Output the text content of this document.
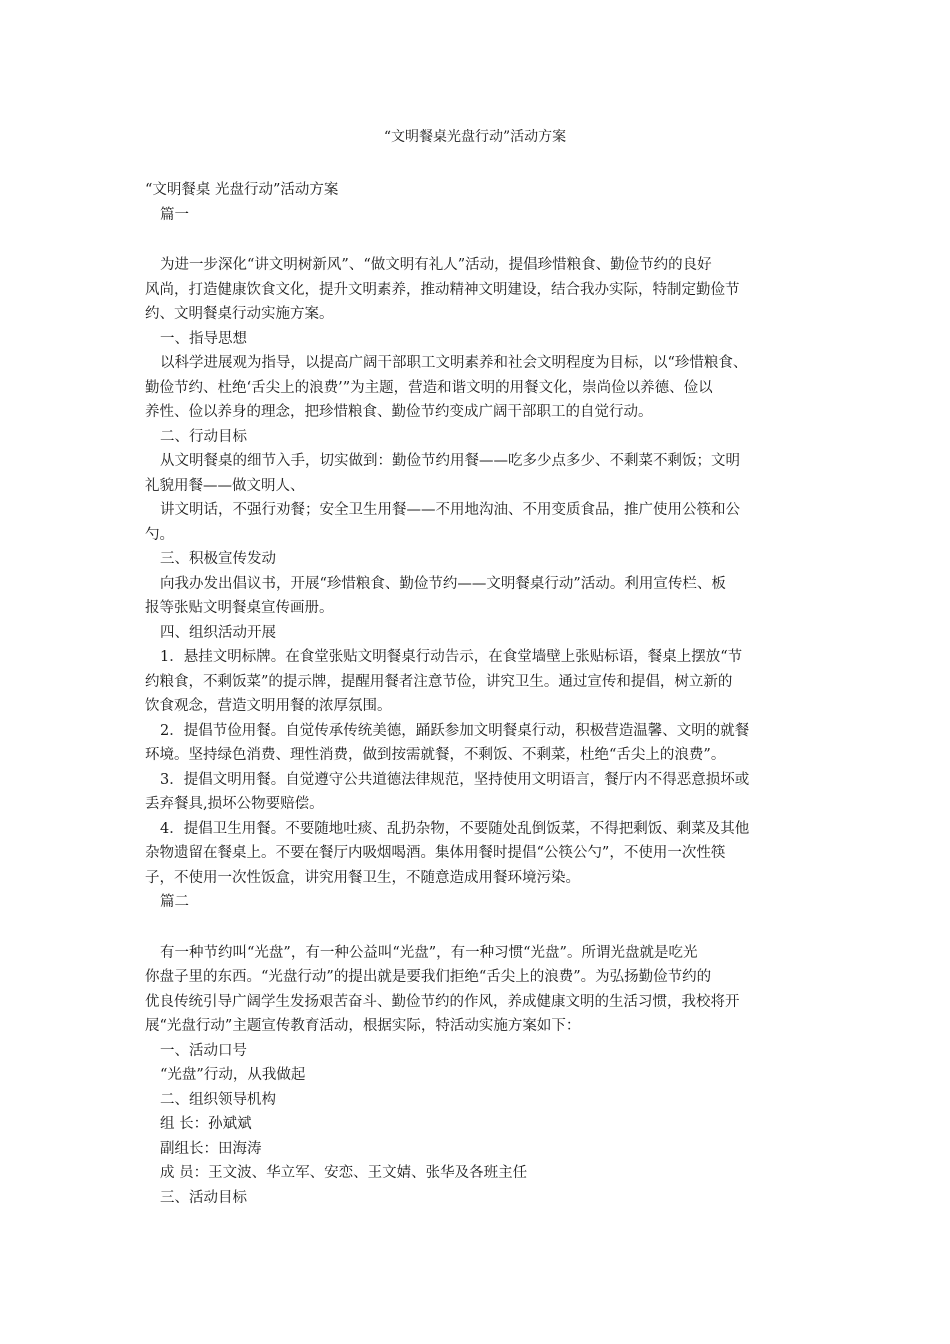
“文明餐桌光盘行动”活动方案

“文明餐桌 光盘行动”活动方案

篇一

为进一步深化“讲文明树新风”、“做文明有礼人”活动，提倡珍惜粮食、勤俭节约的良好

风尚，打造健康饮食文化，提升文明素养，推动精神文明建设，结合我办实际，特制定勤俭节

约、文明餐桌行动实施方案。

一、指导思想

以科学进展观为指导，以提高广阔干部职工文明素养和社会文明程度为目标，以“珍惜粮食、

勤俭节约、杜绝‘舌尖上的浪费’”为主题，营造和谐文明的用餐文化，崇尚俭以养德、俭以

养性、俭以养身的理念，把珍惜粮食、勤俭节约变成广阔干部职工的自觉行动。

二、行动目标

从文明餐桌的细节入手，切实做到：勤俭节约用餐——吃多少点多少、不剩菜不剩饭；文明

礼貌用餐——做文明人、

讲文明话，不强行劝餐；安全卫生用餐——不用地沟油、不用变质食品，推广使用公筷和公

勺。

三、积极宣传发动

向我办发出倡议书，开展“珍惜粮食、勤俭节约——文明餐桌行动”活动。利用宣传栏、板

报等张贴文明餐桌宣传画册。

四、组织活动开展

1．悬挂文明标牌。在食堂张贴文明餐桌行动告示，在食堂墙壁上张贴标语，餐桌上摆放“节

约粮食，不剩饭菜”的提示牌，提醒用餐者注意节俭，讲究卫生。通过宣传和提倡，树立新的

饮食观念，营造文明用餐的浓厚氛围。

2．提倡节俭用餐。自觉传承传统美德，踊跃参加文明餐桌行动，积极营造温馨、文明的就餐

环境。坚持绿色消费、理性消费，做到按需就餐，不剩饭、不剩菜，杜绝“舌尖上的浪费”。

3．提倡文明用餐。自觉遵守公共道德法律规范，坚持使用文明语言，餐厅内不得恶意损坏或

丢弃餐具,损坏公物要赔偿。

4．提倡卫生用餐。不要随地吐痰、乱扔杂物，不要随处乱倒饭菜，不得把剩饭、剩菜及其他

杂物遗留在餐桌上。不要在餐厅内吸烟喝酒。集体用餐时提倡“公筷公勺”，不使用一次性筷

子，不使用一次性饭盒，讲究用餐卫生，不随意造成用餐环境污染。

篇二

有一种节约叫“光盘”，有一种公益叫“光盘”，有一种习惯“光盘”。所谓光盘就是吃光

你盘子里的东西。“光盘行动”的提出就是要我们拒绝“舌尖上的浪费”。为弘扬勤俭节约的

优良传统引导广阔学生发扬艰苦奋斗、勤俭节约的作风，养成健康文明的生活习惯，我校将开

展“光盘行动”主题宣传教育活动，根据实际，特活动实施方案如下：

一、活动口号

“光盘”行动，从我做起

二、组织领导机构

组 长：孙斌斌

副组长：田海涛

成 员：王文波、华立军、安恋、王文婧、张华及各班主任

三、活动目标
